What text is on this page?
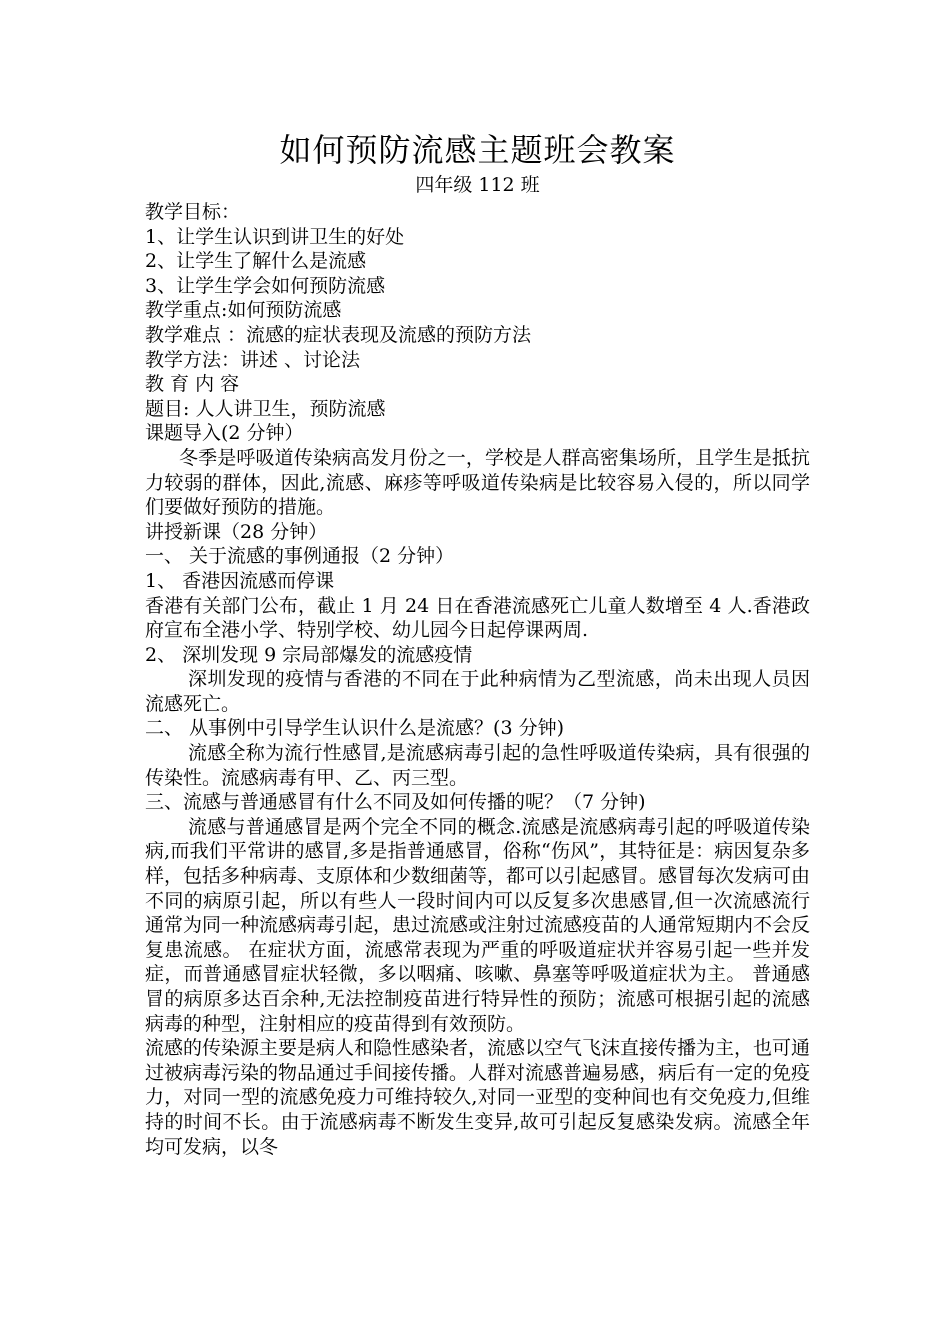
如何预防流感主题班会教案

四年级 112 班

教学目标：

1、让学生认识到讲卫生的好处

2、让学生了解什么是流感

3、让学生学会如何预防流感

教学重点:如何预防流感

教学难点 ：流感的症状表现及流感的预防方法

教学方法：讲述 、讨论法

教 育 内 容

题目: 人人讲卫生，预防流感

课题导入(2 分钟）

冬季是呼吸道传染病高发月份之一，学校是人群高密集场所，且学生是抵抗力较弱的群体，因此,流感、麻疹等呼吸道传染病是比较容易入侵的，所以同学们要做好预防的措施。

讲授新课（28 分钟）

一、 关于流感的事例通报（2 分钟）

1、 香港因流感而停课

香港有关部门公布，截止 1 月 24 日在香港流感死亡儿童人数增至 4 人.香港政府宣布全港小学、特别学校、幼儿园今日起停课两周.

2、 深圳发现 9 宗局部爆发的流感疫情

深圳发现的疫情与香港的不同在于此种病情为乙型流感，尚未出现人员因流感死亡。

二、 从事例中引导学生认识什么是流感？(3 分钟)

流感全称为流行性感冒,是流感病毒引起的急性呼吸道传染病，具有很强的传染性。流感病毒有甲、乙、丙三型。

三、流感与普通感冒有什么不同及如何传播的呢？（7 分钟)

流感与普通感冒是两个完全不同的概念.流感是流感病毒引起的呼吸道传染病,而我们平常讲的感冒,多是指普通感冒，俗称“伤风”，其特征是：病因复杂多样，包括多种病毒、支原体和少数细菌等，都可以引起感冒。感冒每次发病可由不同的病原引起，所以有些人一段时间内可以反复多次患感冒,但一次流感流行通常为同一种流感病毒引起，患过流感或注射过流感疫苗的人通常短期内不会反复患流感。 在症状方面，流感常表现为严重的呼吸道症状并容易引起一些并发症，而普通感冒症状轻微，多以咽痛、咳嗽、鼻塞等呼吸道症状为主。 普通感冒的病原多达百余种,无法控制疫苗进行特异性的预防；流感可根据引起的流感病毒的种型，注射相应的疫苗得到有效预防。

流感的传染源主要是病人和隐性感染者，流感以空气飞沫直接传播为主，也可通过被病毒污染的物品通过手间接传播。人群对流感普遍易感，病后有一定的免疫力，对同一型的流感免疫力可维持较久,对同一亚型的变种间也有交免疫力,但维持的时间不长。由于流感病毒不断发生变异,故可引起反复感染发病。流感全年均可发病，以冬
